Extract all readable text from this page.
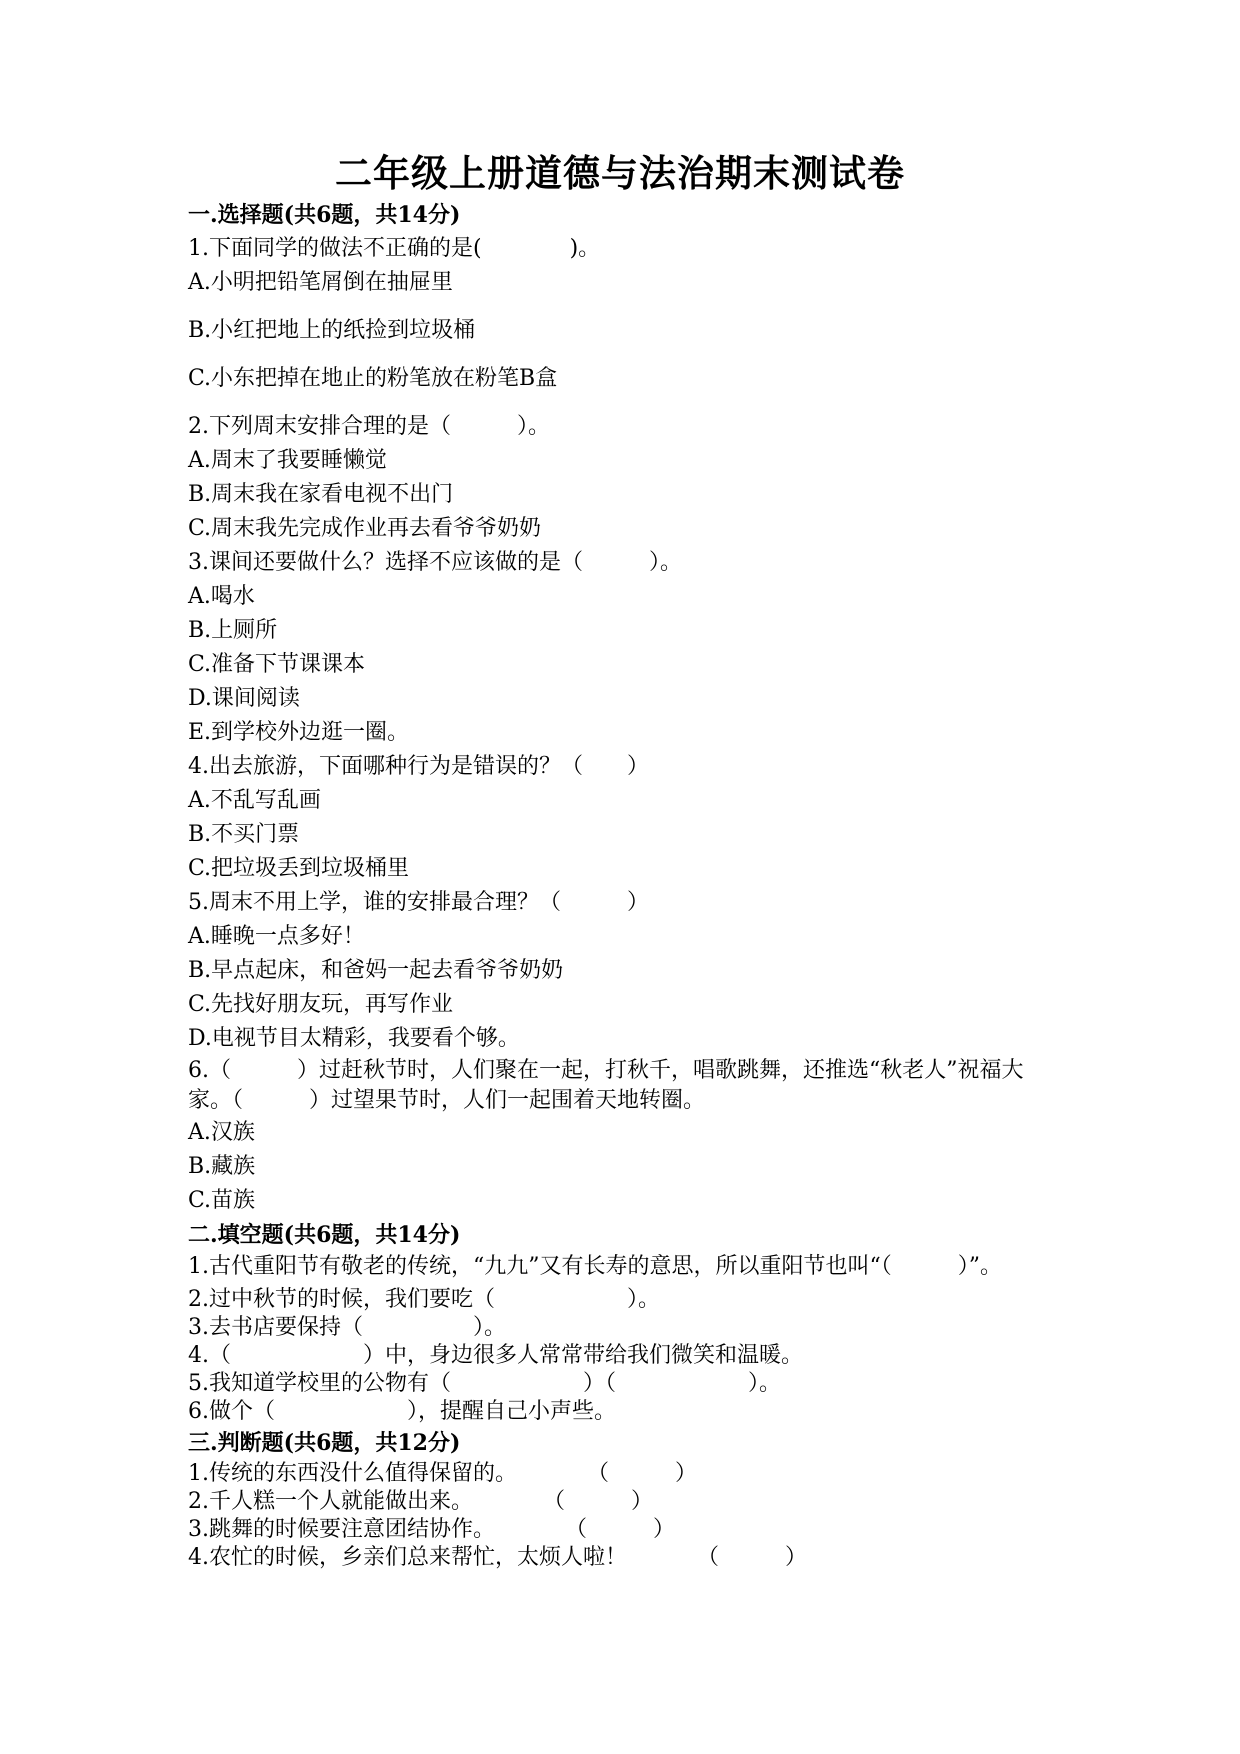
二年级上册道德与法治期末测试卷
一.选择题(共6题，共14分)
1.下面同学的做法不正确的是(　　　　)。
A.小明把铅笔屑倒在抽屉里
B.小红把地上的纸捡到垃圾桶
C.小东把掉在地止的粉笔放在粉笔B盒
2.下列周末安排合理的是（　　　）。
A.周末了我要睡懒觉
B.周末我在家看电视不出门
C.周末我先完成作业再去看爷爷奶奶
3.课间还要做什么？选择不应该做的是（　　　）。
A.喝水
B.上厕所
C.准备下节课课本
D.课间阅读
E.到学校外边逛一圈。
4.出去旅游，下面哪种行为是错误的？（　　）
A.不乱写乱画
B.不买门票
C.把垃圾丢到垃圾桶里
5.周末不用上学，谁的安排最合理？（　　　）
A.睡晚一点多好！
B.早点起床，和爸妈一起去看爷爷奶奶
C.先找好朋友玩，再写作业
D.电视节目太精彩，我要看个够。
6.（　　　）过赶秋节时，人们聚在一起，打秋千，唱歌跳舞，还推选“秋老人”祝福大家。（　　　）过望果节时，人们一起围着天地转圈。
A.汉族
B.藏族
C.苗族
二.填空题(共6题，共14分)
1.古代重阳节有敬老的传统，“九九”又有长寿的意思，所以重阳节也叫“（　　　）”。
2.过中秋节的时候，我们要吃（　　　　　　）。
3.去书店要保持（　　　　　）。
4.（　　　　　　）中，身边很多人常常带给我们微笑和温暖。
5.我知道学校里的公物有（　　　　　　）（　　　　　　）。
6.做个（　　　　　　），提醒自己小声些。
三.判断题(共6题，共12分)
1.传统的东西没什么值得保留的。	（　　　）
2.千人糕一个人就能做出来。	（　　　）
3.跳舞的时候要注意团结协作。	（　　　）
4.农忙的时候，乡亲们总来帮忙，太烦人啦！	（　　　）
